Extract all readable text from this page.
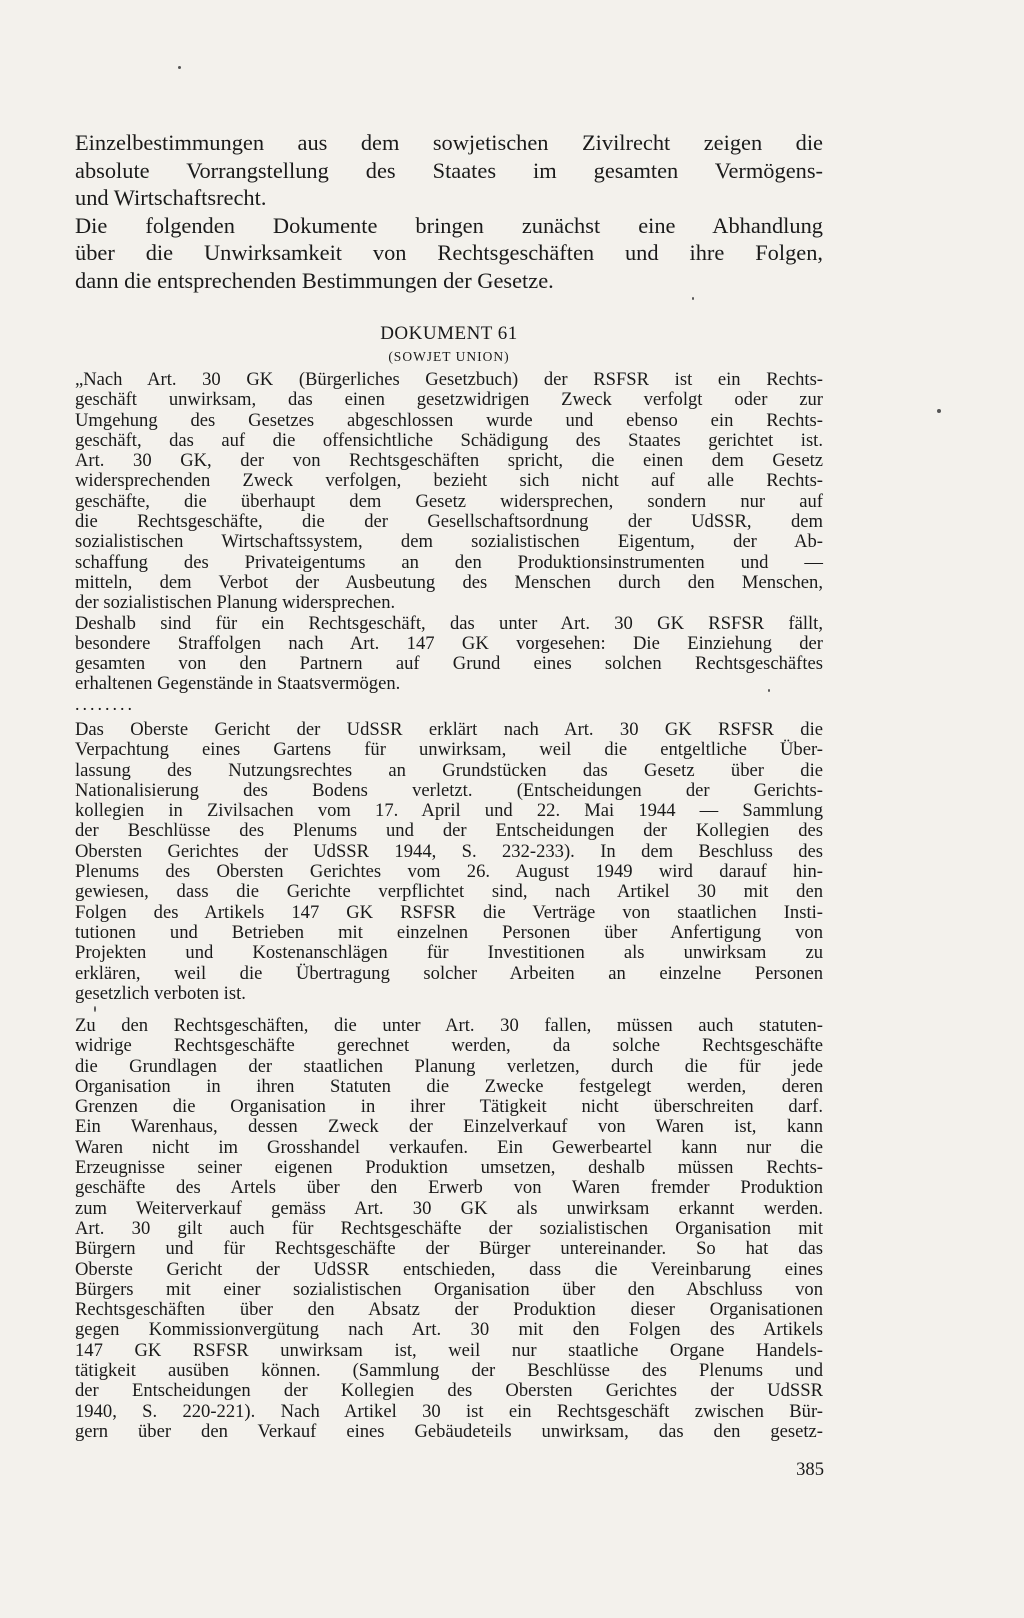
Einzelbestimmungen aus dem sowjetischen Zivilrecht zeigen die
absolute Vorrangstellung des Staates im gesamten Vermögens-
und Wirtschaftsrecht.
Die folgenden Dokumente bringen zunächst eine Abhandlung
über die Unwirksamkeit von Rechtsgeschäften und ihre Folgen,
dann die entsprechenden Bestimmungen der Gesetze.
DOKUMENT 61
(SOWJET UNION)
„Nach Art. 30 GK (Bürgerliches Gesetzbuch) der RSFSR ist ein Rechts-
geschäft unwirksam, das einen gesetzwidrigen Zweck verfolgt oder zur
Umgehung des Gesetzes abgeschlossen wurde und ebenso ein Rechts-
geschäft, das auf die offensichtliche Schädigung des Staates gerichtet ist.
Art. 30 GK, der von Rechtsgeschäften spricht, die einen dem Gesetz
widersprechenden Zweck verfolgen, bezieht sich nicht auf alle Rechts-
geschäfte, die überhaupt dem Gesetz widersprechen, sondern nur auf
die Rechtsgeschäfte, die der Gesellschaftsordnung der UdSSR, dem
sozialistischen Wirtschaftssystem, dem sozialistischen Eigentum, der Ab-
schaffung des Privateigentums an den Produktionsinstrumenten und —
mitteln, dem Verbot der Ausbeutung des Menschen durch den Menschen,
der sozialistischen Planung widersprechen.
Deshalb sind für ein Rechtsgeschäft, das unter Art. 30 GK RSFSR fällt,
besondere Straffolgen nach Art. 147 GK vorgesehen: Die Einziehung der
gesamten von den Partnern auf Grund eines solchen Rechtsgeschäftes
erhaltenen Gegenstände in Staatsvermögen.
........
Das Oberste Gericht der UdSSR erklärt nach Art. 30 GK RSFSR die
Verpachtung eines Gartens für unwirksam, weil die entgeltliche Über-
lassung des Nutzungsrechtes an Grundstücken das Gesetz über die
Nationalisierung des Bodens verletzt. (Entscheidungen der Gerichts-
kollegien in Zivilsachen vom 17. April und 22. Mai 1944 — Sammlung
der Beschlüsse des Plenums und der Entscheidungen der Kollegien des
Obersten Gerichtes der UdSSR 1944, S. 232-233). In dem Beschluss des
Plenums des Obersten Gerichtes vom 26. August 1949 wird darauf hin-
gewiesen, dass die Gerichte verpflichtet sind, nach Artikel 30 mit den
Folgen des Artikels 147 GK RSFSR die Verträge von staatlichen Insti-
tutionen und Betrieben mit einzelnen Personen über Anfertigung von
Projekten und Kostenanschlägen für Investitionen als unwirksam zu
erklären, weil die Übertragung solcher Arbeiten an einzelne Personen
gesetzlich verboten ist.
Zu den Rechtsgeschäften, die unter Art. 30 fallen, müssen auch statuten-
widrige Rechtsgeschäfte gerechnet werden, da solche Rechtsgeschäfte
die Grundlagen der staatlichen Planung verletzen, durch die für jede
Organisation in ihren Statuten die Zwecke festgelegt werden, deren
Grenzen die Organisation in ihrer Tätigkeit nicht überschreiten darf.
Ein Warenhaus, dessen Zweck der Einzelverkauf von Waren ist, kann
Waren nicht im Grosshandel verkaufen. Ein Gewerbeartel kann nur die
Erzeugnisse seiner eigenen Produktion umsetzen, deshalb müssen Rechts-
geschäfte des Artels über den Erwerb von Waren fremder Produktion
zum Weiterverkauf gemäss Art. 30 GK als unwirksam erkannt werden.
Art. 30 gilt auch für Rechtsgeschäfte der sozialistischen Organisation mit
Bürgern und für Rechtsgeschäfte der Bürger untereinander. So hat das
Oberste Gericht der UdSSR entschieden, dass die Vereinbarung eines
Bürgers mit einer sozialistischen Organisation über den Abschluss von
Rechtsgeschäften über den Absatz der Produktion dieser Organisationen
gegen Kommissionvergütung nach Art. 30 mit den Folgen des Artikels
147 GK RSFSR unwirksam ist, weil nur staatliche Organe Handels-
tätigkeit ausüben können. (Sammlung der Beschlüsse des Plenums und
der Entscheidungen der Kollegien des Obersten Gerichtes der UdSSR
1940, S. 220-221). Nach Artikel 30 ist ein Rechtsgeschäft zwischen Bür-
gern über den Verkauf eines Gebäudeteils unwirksam, das den gesetz-
385
